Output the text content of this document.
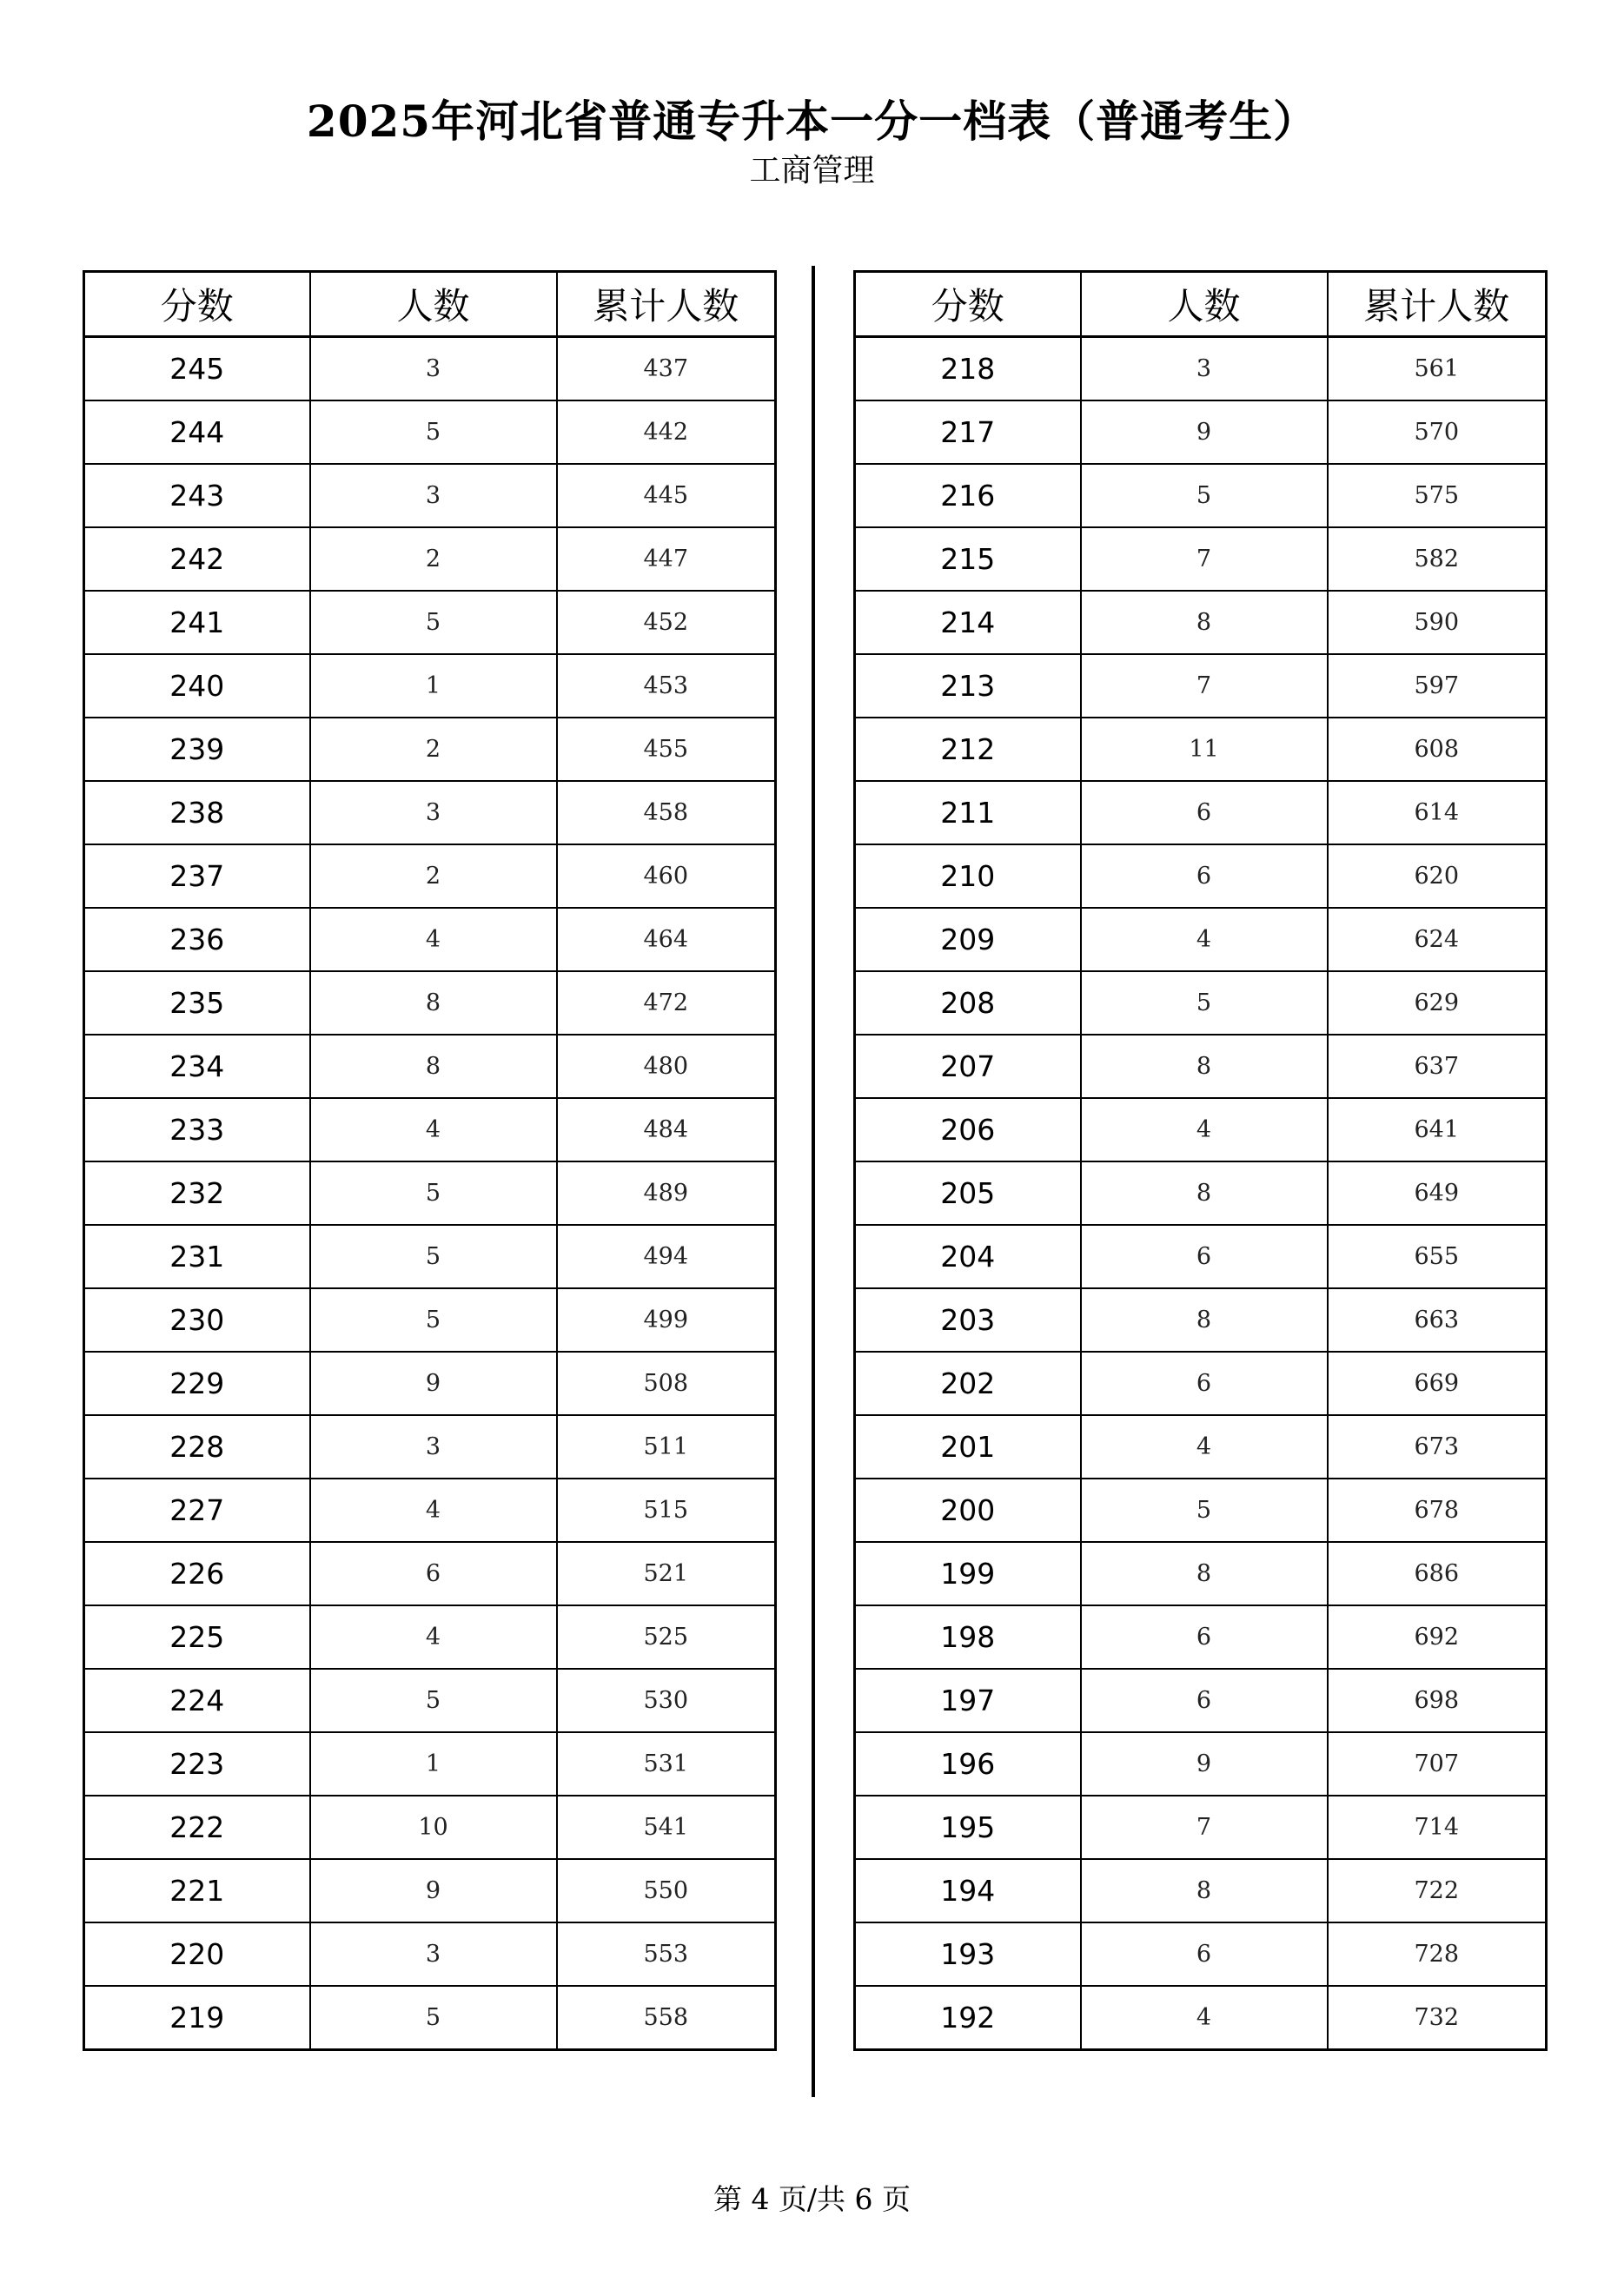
2025年河北省普通专升本一分一档表（普通考生）
工商管理
分数	人数	累计人数
245	3	437
244	5	442
243	3	445
242	2	447
241	5	452
240	1	453
239	2	455
238	3	458
237	2	460
236	4	464
235	8	472
234	8	480
233	4	484
232	5	489
231	5	494
230	5	499
229	9	508
228	3	511
227	4	515
226	6	521
225	4	525
224	5	530
223	1	531
222	10	541
221	9	550
220	3	553
219	5	558
分数	人数	累计人数
218	3	561
217	9	570
216	5	575
215	7	582
214	8	590
213	7	597
212	11	608
211	6	614
210	6	620
209	4	624
208	5	629
207	8	637
206	4	641
205	8	649
204	6	655
203	8	663
202	6	669
201	4	673
200	5	678
199	8	686
198	6	692
197	6	698
196	9	707
195	7	714
194	8	722
193	6	728
192	4	732
第 4 页/共 6 页
